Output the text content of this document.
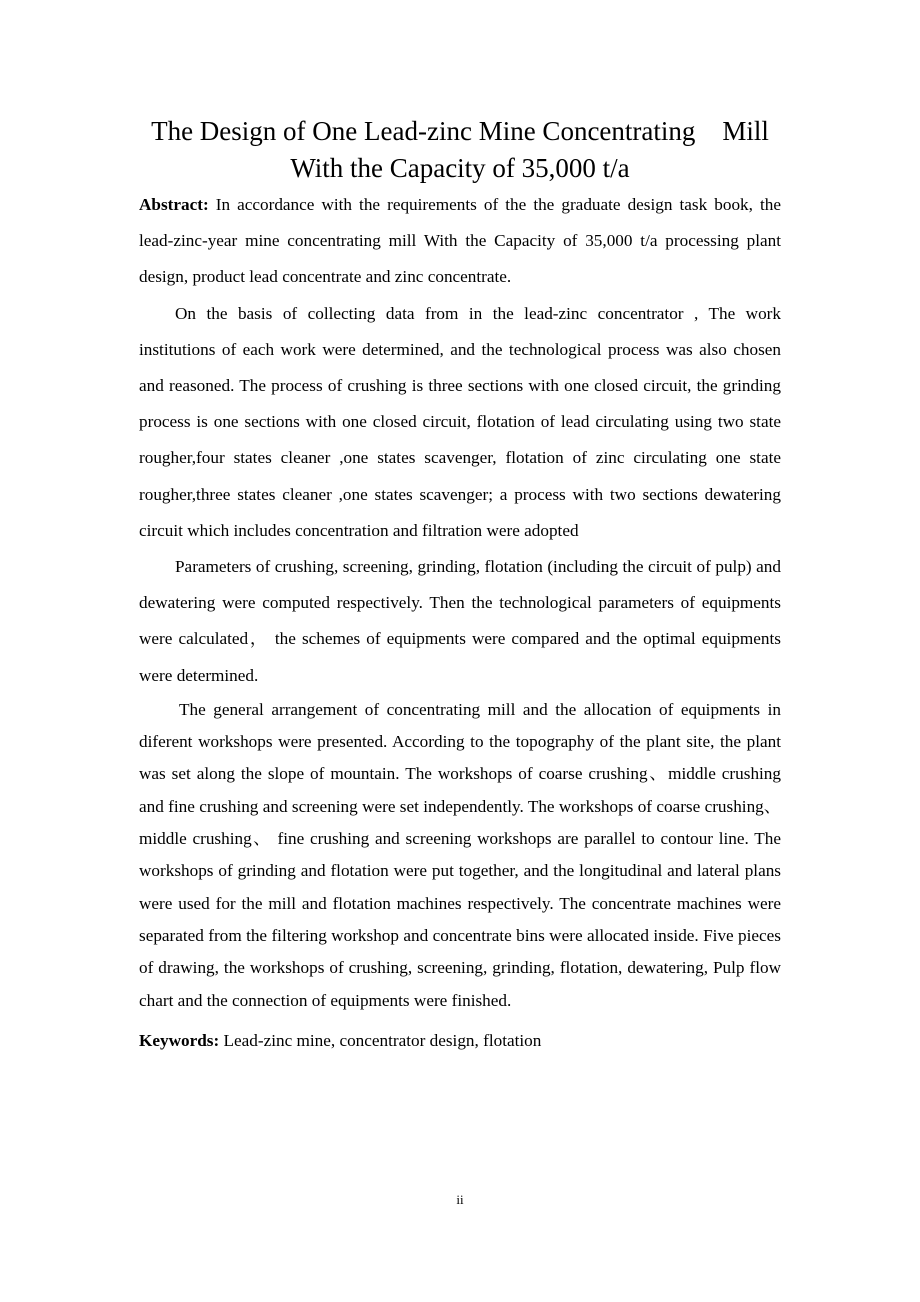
The Design of One Lead-zinc Mine Concentrating    Mill
With the Capacity of 35,000 t/a

Abstract: In accordance with the requirements of the the graduate design task book, the lead-zinc-year mine concentrating mill With the Capacity of 35,000 t/a processing plant design, product lead concentrate and zinc concentrate.

On the basis of collecting data from in the lead-zinc concentrator , The work institutions of each work were determined, and the technological process was also chosen and reasoned. The process of crushing is three sections with one closed circuit, the grinding process is one sections with one closed circuit, flotation of lead circulating using two state rougher,four states cleaner ,one states scavenger, flotation of zinc circulating one state rougher,three states cleaner ,one states scavenger; a process with two sections dewatering circuit which includes concentration and filtration were adopted

Parameters of crushing, screening, grinding, flotation (including the circuit of pulp) and dewatering were computed respectively. Then the technological parameters of equipments were calculated， the schemes of equipments were compared and the optimal equipments were determined.

The general arrangement of concentrating mill and the allocation of equipments in diferent workshops were presented. According to the topography of the plant site, the plant was set along the slope of mountain. The workshops of coarse crushing、middle crushing and fine crushing and screening were set independently. The workshops of coarse crushing、 middle crushing、 fine crushing and screening workshops are parallel to contour line. The workshops of grinding and flotation were put together, and the longitudinal and lateral plans were used for the mill and flotation machines respectively. The concentrate machines were separated from the filtering workshop and concentrate bins were allocated inside. Five pieces of drawing, the workshops of crushing, screening, grinding, flotation, dewatering, Pulp flow chart and the connection of equipments were finished.

Keywords: Lead-zinc mine, concentrator design, flotation

ii
